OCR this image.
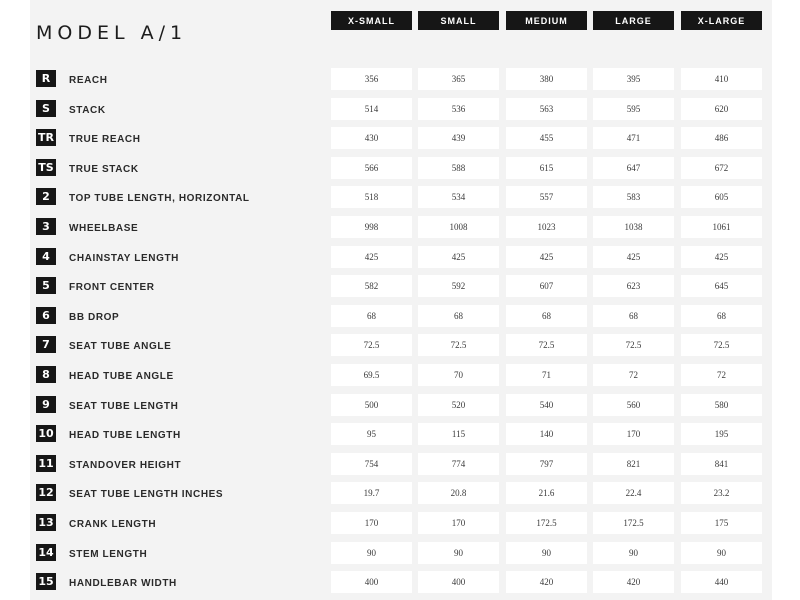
MODEL A/1
X-SMALL	SMALL	MEDIUM	LARGE	X-LARGE
R	REACH	356	365	380	395	410
S	STACK	514	536	563	595	620
TR TRUE REACH	430	439	455	471	486
TS TRUE STACK	566	588	615	647	672
2	TOP TUBE LENGTH, HORIZONTAL	518	534	557	583	605
3	WHEELBASE	998	1008	1023	1038	1061
4	CHAINSTAY LENGTH	425	425	425	425	425
5	FRONT CENTER	582	592	607	623	645
6	BB DROP	68	68	68	68	68
7	SEAT TUBE ANGLE	72.5	72.5	72.5	72.5	72.5
8	HEAD TUBE ANGLE	69.5	70	71	72	72
9	SEAT TUBE LENGTH	500	520	540	560	580
10 HEAD TUBE LENGTH	95	115	140	170	195
11 STANDOVER HEIGHT	754	774	797	821	841
12 SEAT TUBE LENGTH INCHES	19.7	20.8	21.6	22.4	23.2
13 CRANK LENGTH	170	170	172.5	172.5	175
14 STEM LENGTH	90	90	90	90	90
15 HANDLEBAR WIDTH	400	400	420	420	440
